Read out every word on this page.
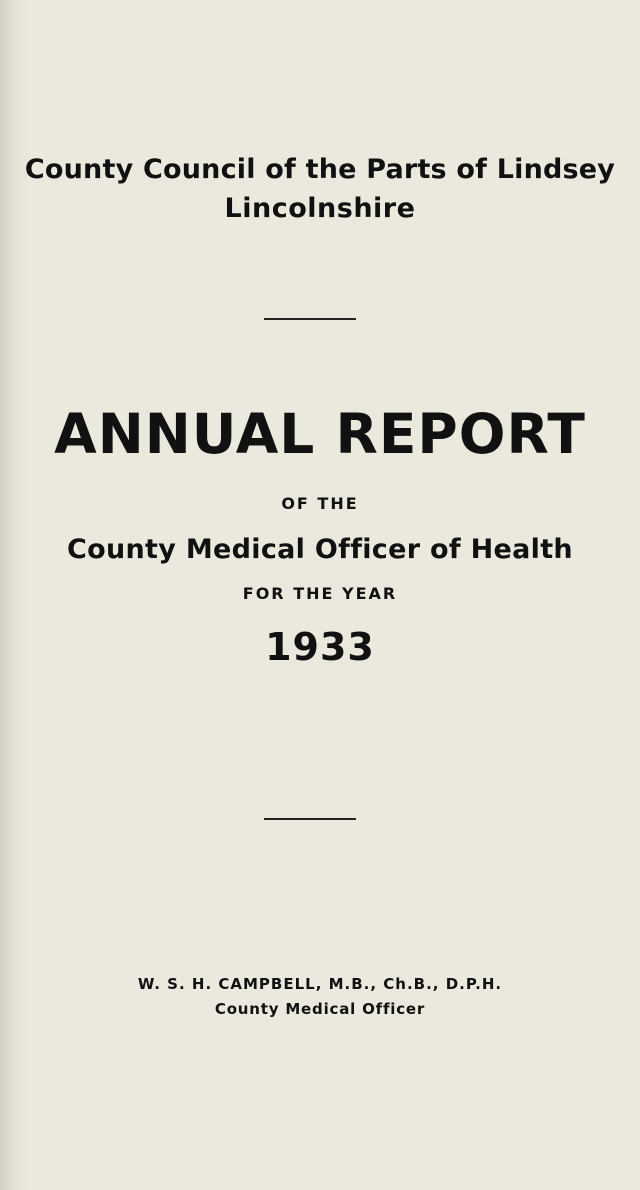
County Council of the Parts of Lindsey
Lincolnshire
ANNUAL REPORT
OF THE
County Medical Officer of Health
FOR THE YEAR
1933
W. S. H. CAMPBELL, M.B., Ch.B., D.P.H.
County Medical Officer
